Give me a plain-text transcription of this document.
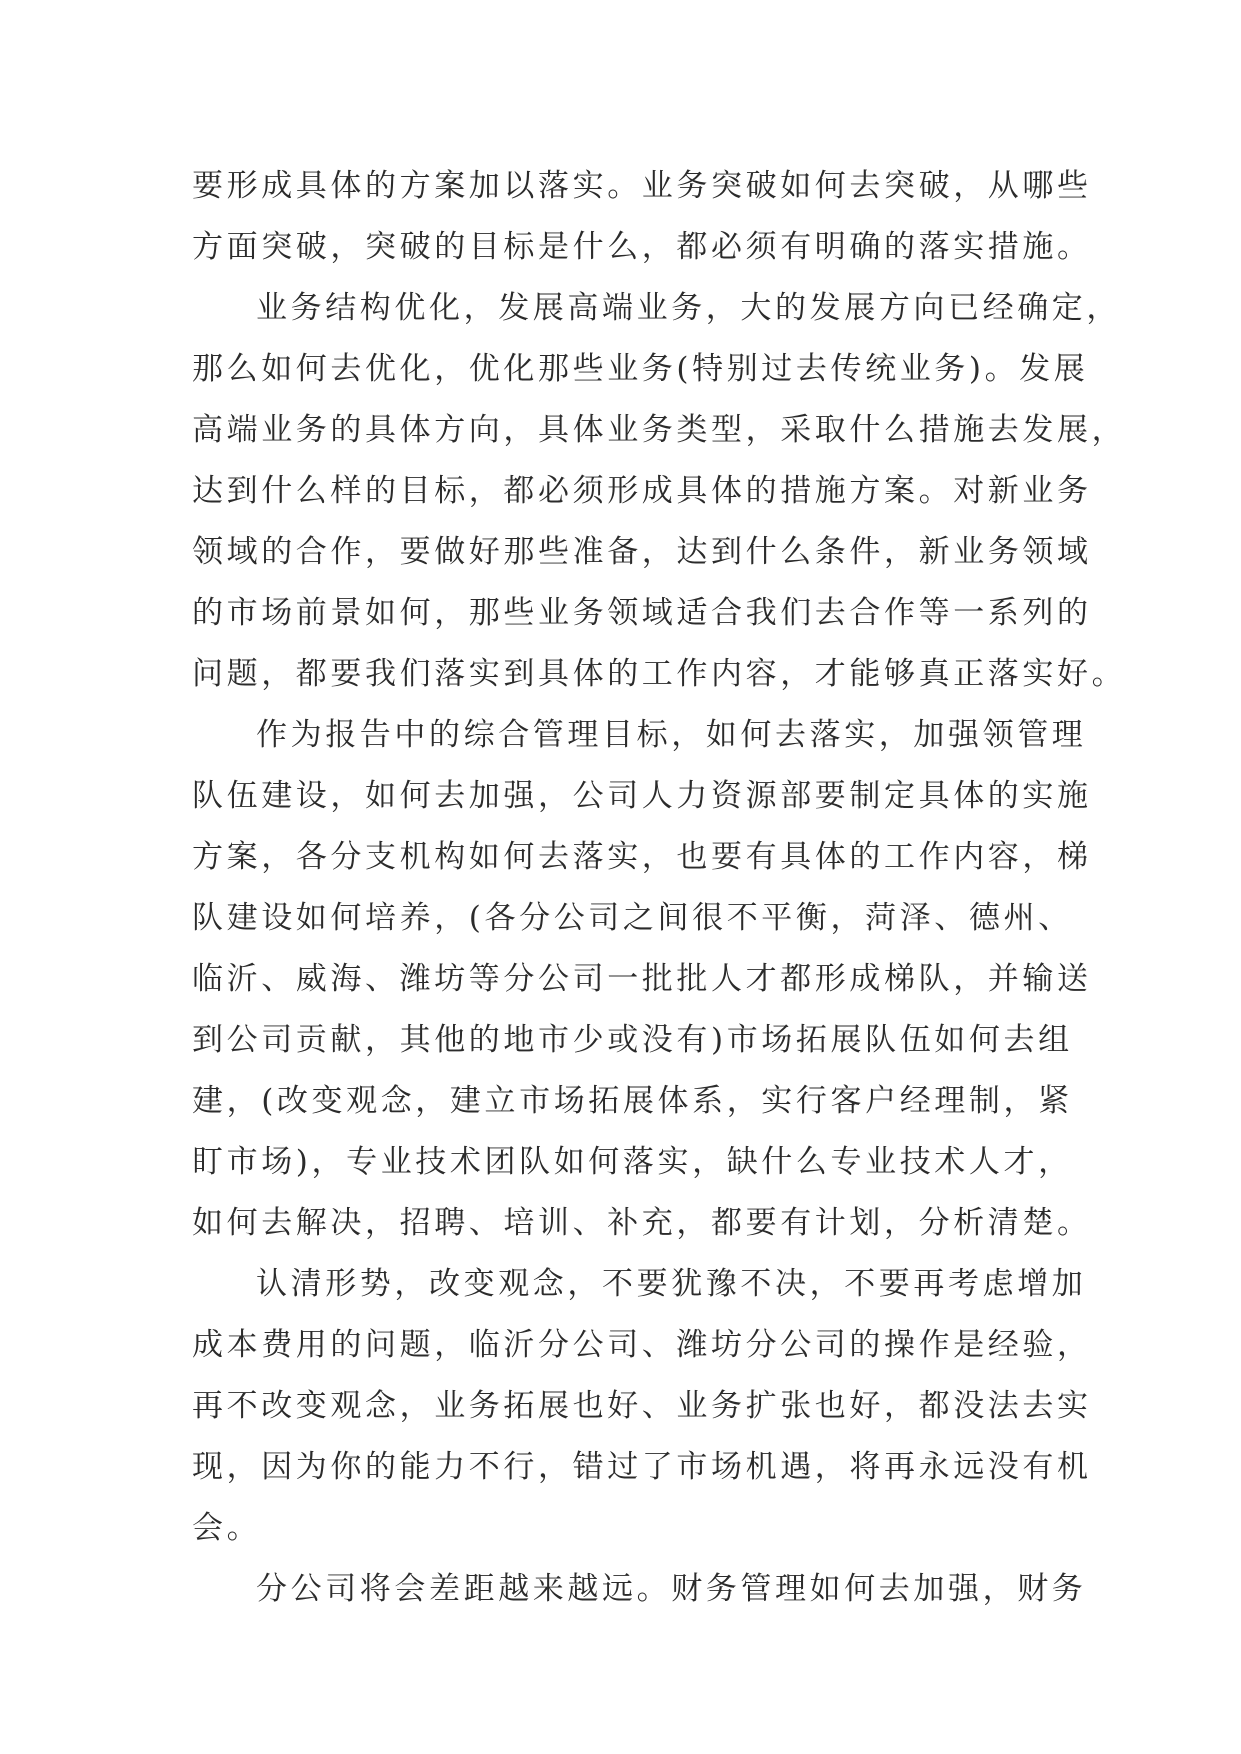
要形成具体的方案加以落实。业务突破如何去突破，从哪些
方面突破，突破的目标是什么，都必须有明确的落实措施。
业务结构优化，发展高端业务，大的发展方向已经确定，
那么如何去优化，优化那些业务(特别过去传统业务)。发展
高端业务的具体方向，具体业务类型，采取什么措施去发展，
达到什么样的目标，都必须形成具体的措施方案。对新业务
领域的合作，要做好那些准备，达到什么条件，新业务领域
的市场前景如何，那些业务领域适合我们去合作等一系列的
问题，都要我们落实到具体的工作内容，才能够真正落实好。
作为报告中的综合管理目标，如何去落实，加强领管理
队伍建设，如何去加强，公司人力资源部要制定具体的实施
方案，各分支机构如何去落实，也要有具体的工作内容，梯
队建设如何培养，(各分公司之间很不平衡，菏泽、德州、
临沂、威海、潍坊等分公司一批批人才都形成梯队，并输送
到公司贡献，其他的地市少或没有)市场拓展队伍如何去组
建，(改变观念，建立市场拓展体系，实行客户经理制，紧
盯市场)，专业技术团队如何落实，缺什么专业技术人才，
如何去解决，招聘、培训、补充，都要有计划，分析清楚。
认清形势，改变观念，不要犹豫不决，不要再考虑增加
成本费用的问题，临沂分公司、潍坊分公司的操作是经验，
再不改变观念，业务拓展也好、业务扩张也好，都没法去实
现，因为你的能力不行，错过了市场机遇，将再永远没有机
会。
分公司将会差距越来越远。财务管理如何去加强，财务
